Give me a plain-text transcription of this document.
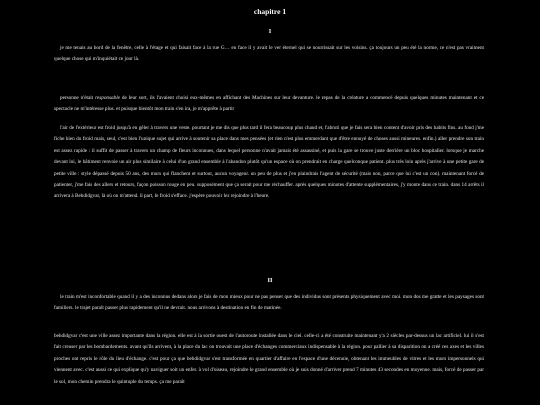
chapitre 1
I

je me tenais au bord de la fenêtre, celle à l'étage et qui faisait face à la rue G… en face il y avait le ver éternel qui se nourrissait sur les voisins. ça toujours un peu été la norme, ce n'est pas vraiment quelque chose qui m'inquiétait ce jour là.

personne n'était responsable de leur sort, ils l'avaient choisi eux-mêmes en affichant des Machines sur leur devanture. le repas de la créature a commencé depuis quelques minutes maintenant et ce spectacle ne m'intéresse plus. et puisque bientôt mon train s'en ira, je m'apprête à partir

l'air de l'extérieur est froid jusqu'à en gêler à travers une veste. pourtant je me dis que plus tard il fera beaucoup plus chaud et, l'abruti que je fais sera bien content d'avoir pris des habits fins. au fond j'me fiche bien du froid mais, seul, c'est bien l'unique sujet qui arrive à soutenir sa place dans mes pensées (et rien n'est plus emmerdant que d'être ennuyé de choses aussi mineures. enfin.) aller prendre son train est assez rapide : il suffit de passer à travers un champ de fleurs inconnues, dans lequel personne n'avait jamais été assassiné, et puis la gare se trouve juste derrière un bloc hospitalier. lorsque je marche devant lui, le bâtiment renvoie un air plus similaire à celui d'un grand ensemble à l'abandon plutôt qu'un espace où on prendrait en charge quelconque patient. plus très loin après j'arrive à une petite gare de petite ville : style dépassé depuis 50 ans, des murs qui flanchent et surtout, aucun voyageur. un peu de plus et j'en plaindrais l'agent de sécurité (mais non, parce que lui c'est un con). maintenant forcé de patienter, j'me fais des allers et retours, façon poisson rouge en peu. supposément que ça serait pour me réchauffer. après quelques minutes d'attente supplémentaires, j'y monte dans ce train. dans 14 arrêts il arrivera à Behdidgvar, là où on m'attend. il part, le froid s'efface. j'espère pouvoir les rejoindre à l'heure.

II

le train m'est inconfortable quand il y a des inconnus dedans alors je fais de mon mieux pour ne pas penser que des individus sont présents physiquement avec moi. mon dos me gratte et les paysages sont familiers. le trajet paraît passer plus rapidement qu'il ne devrait. nous arrivons à destination en fin de matinée.

behdidgvar c'est une ville assez importante dans la région. elle est à la sortie ouest de l'autoroute installée dans le ciel. celle-ci a été construite maintenant y'a 2 siècles par-dessus un lac artificiel. lui il s'est fait creuser par les bombardements. avant qu'ils arrivent, à la place du lac on trouvait une place d'échanges commerciaux indispensable à la région. pour pallier à sa disparition on a créé ces axes et les villes proches ont repris le rôle du lieu d'échange. c'est pour ça que behdidgvar s'est transformée en quartier d'affaire en l'espace d'une décennie, obtenant les immeubles de vitres et les murs impersonnels qui viennent avec. c'est aussi ce qui explique qu'y naviguer soit un enfer. à vol d'oiseau, rejoindre le grand ensemble où je suis donné d'arriver prend 7 minutes 43 secondes en moyenne. mais, forcé de passer par le sol, mon chemin prendra le quintuple du temps. ça me paraît
